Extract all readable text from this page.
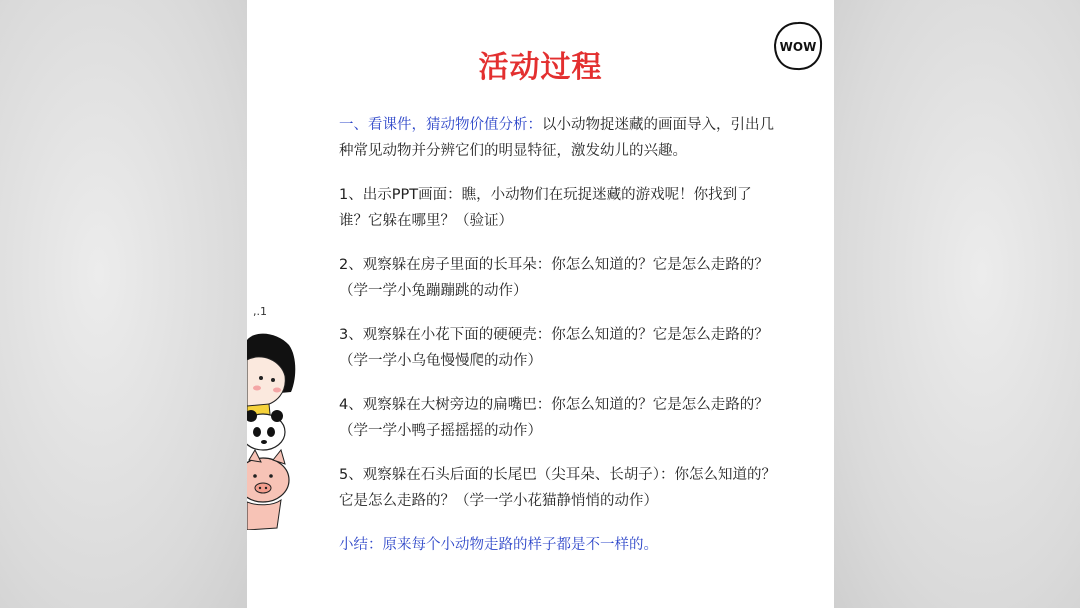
活动过程
WOW
,.1

一、看课件，猜动物价值分析：以小动物捉迷藏的画面导入，引出几种常见动物并分辨它们的明显特征，激发幼儿的兴趣。

1、出示PPT画面：瞧，小动物们在玩捉迷藏的游戏呢！你找到了谁？它躲在哪里？（验证）

2、观察躲在房子里面的长耳朵：你怎么知道的？它是怎么走路的？（学一学小兔蹦蹦跳的动作）

3、观察躲在小花下面的硬硬壳：你怎么知道的？它是怎么走路的？（学一学小乌龟慢慢爬的动作）

4、观察躲在大树旁边的扁嘴巴：你怎么知道的？它是怎么走路的？（学一学小鸭子摇摇摇的动作）

5、观察躲在石头后面的长尾巴（尖耳朵、长胡子）：你怎么知道的？它是怎么走路的？（学一学小花猫静悄悄的动作）

小结：原来每个小动物走路的样子都是不一样的。
